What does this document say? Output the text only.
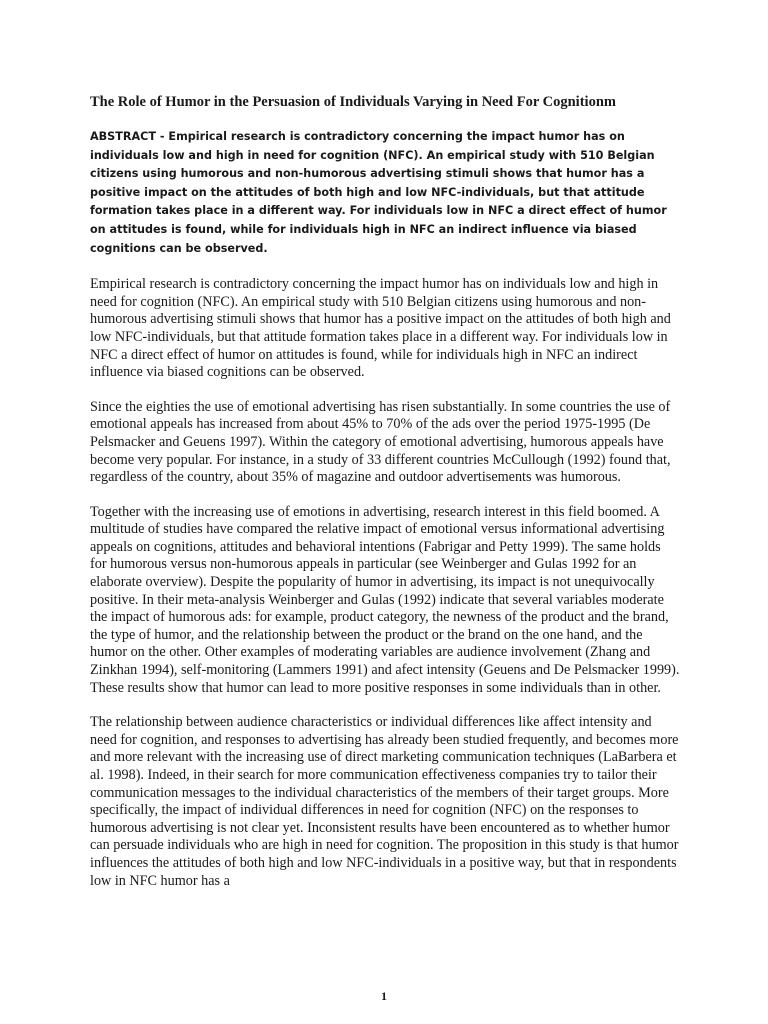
The Role of Humor in the Persuasion of Individuals Varying in Need For Cognitionm

ABSTRACT - Empirical research is contradictory concerning the impact humor has on individuals low and high in need for cognition (NFC). An empirical study with 510 Belgian citizens using humorous and non-humorous advertising stimuli shows that humor has a positive impact on the attitudes of both high and low NFC-individuals, but that attitude formation takes place in a different way. For individuals low in NFC a direct effect of humor on attitudes is found, while for individuals high in NFC an indirect influence via biased cognitions can be observed.

Empirical research is contradictory concerning the impact humor has on individuals low and high in need for cognition (NFC). An empirical study with 510 Belgian citizens using humorous and non-humorous advertising stimuli shows that humor has a positive impact on the attitudes of both high and low NFC-individuals, but that attitude formation takes place in a different way. For individuals low in NFC a direct effect of humor on attitudes is found, while for individuals high in NFC an indirect influence via biased cognitions can be observed.

Since the eighties the use of emotional advertising has risen substantially. In some countries the use of emotional appeals has increased from about 45% to 70% of the ads over the period 1975-1995 (De Pelsmacker and Geuens 1997). Within the category of emotional advertising, humorous appeals have become very popular. For instance, in a study of 33 different countries McCullough (1992) found that, regardless of the country, about 35% of magazine and outdoor advertisements was humorous.

Together with the increasing use of emotions in advertising, research interest in this field boomed. A multitude of studies have compared the relative impact of emotional versus informational advertising appeals on cognitions, attitudes and behavioral intentions (Fabrigar and Petty 1999). The same holds for humorous versus non-humorous appeals in particular (see Weinberger and Gulas 1992 for an elaborate overview). Despite the popularity of humor in advertising, its impact is not unequivocally positive. In their meta-analysis Weinberger and Gulas (1992) indicate that several variables moderate the impact of humorous ads: for example, product category, the newness of the product and the brand, the type of humor, and the relationship between the product or the brand on the one hand, and the humor on the other. Other examples of moderating variables are audience involvement (Zhang and Zinkhan 1994), self-monitoring (Lammers 1991) and afect intensity (Geuens and De Pelsmacker 1999). These results show that humor can lead to more positive responses in some individuals than in other.

The relationship between audience characteristics or individual differences like affect intensity and need for cognition, and responses to advertising has already been studied frequently, and becomes more and more relevant with the increasing use of direct marketing communication techniques (LaBarbera et al. 1998). Indeed, in their search for more communication effectiveness companies try to tailor their communication messages to the individual characteristics of the members of their target groups. More specifically, the impact of individual differences in need for cognition (NFC) on the responses to humorous advertising is not clear yet. Inconsistent results have been encountered as to whether humor can persuade individuals who are high in need for cognition. The proposition in this study is that humor influences the attitudes of both high and low NFC-individuals in a positive way, but that in respondents low in NFC humor has a

1
